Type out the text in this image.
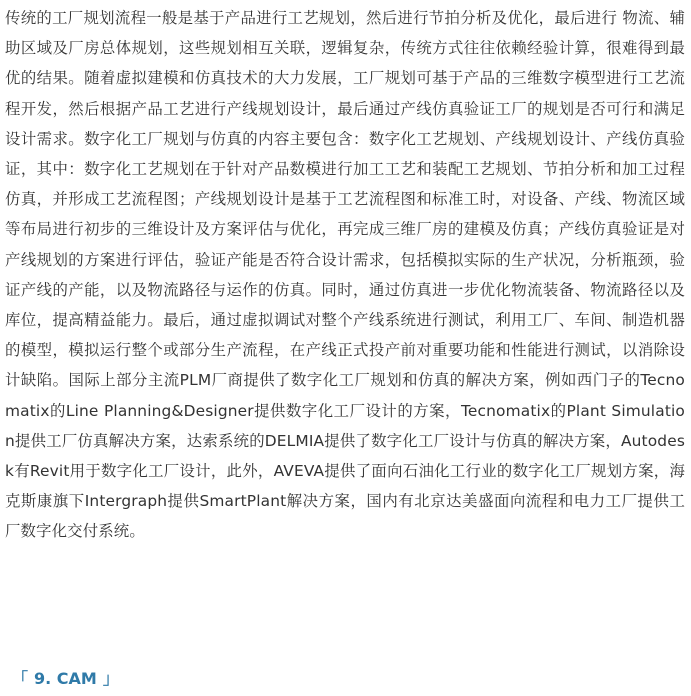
传统的工厂规划流程一般是基于产品进行工艺规划，然后进行节拍分析及优化，最后进行 物流、辅助区域及厂房总体规划，这些规划相互关联，逻辑复杂，传统方式往往依赖经验计算，很难得到最优的结果。随着虚拟建模和仿真技术的大力发展，工厂规划可基于产品的三维数字模型进行工艺流程开发，然后根据产品工艺进行产线规划设计，最后通过产线仿真验证工厂的规划是否可行和满足设计需求。数字化工厂规划与仿真的内容主要包含：数字化工艺规划、产线规划设计、产线仿真验证，其中：数字化工艺规划在于针对产品数模进行加工工艺和装配工艺规划、节拍分析和加工过程仿真，并形成工艺流程图；产线规划设计是基于工艺流程图和标准工时，对设备、产线、物流区域等布局进行初步的三维设计及方案评估与优化，再完成三维厂房的建模及仿真；产线仿真验证是对产线规划的方案进行评估，验证产能是否符合设计需求，包括模拟实际的生产状况，分析瓶颈，验证产线的产能，以及物流路径与运作的仿真。同时，通过仿真进一步优化物流装备、物流路径以及库位，提高精益能力。最后，通过虚拟调试对整个产线系统进行测试，利用工厂、车间、制造机器的模型，模拟运行整个或部分生产流程，在产线正式投产前对重要功能和性能进行测试，以消除设计缺陷。国际上部分主流PLM厂商提供了数字化工厂规划和仿真的解决方案，例如西门子的Tecnomatix的Line Planning&Designer提供数字化工厂设计的方案，Tecnomatix的Plant Simulation提供工厂仿真解决方案，达索系统的DELMIA提供了数字化工厂设计与仿真的解决方案，Autodesk有Revit用于数字化工厂设计，此外，AVEVA提供了面向石油化工行业的数字化工厂规划方案，海克斯康旗下Intergraph提供SmartPlant解决方案，国内有北京达美盛面向流程和电力工厂提供工厂数字化交付系统。

「 9. CAM 」
